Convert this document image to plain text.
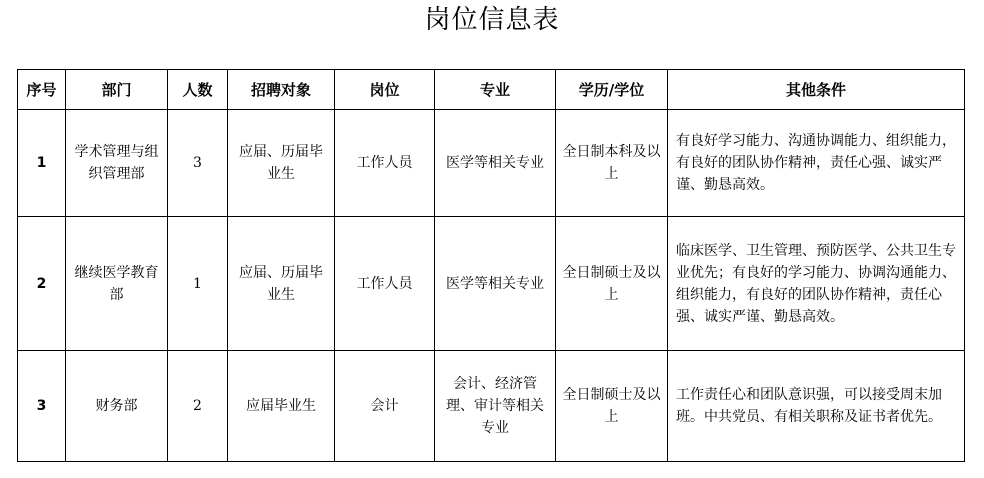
岗位信息表
序号	部门	人数	招聘对象	岗位	专业	学历/学位	其他条件
1	学术管理与组织管理部	3	应届、历届毕业生	工作人员	医学等相关专业	全日制本科及以上	有良好学习能力、沟通协调能力、组织能力，有良好的团队协作精神，责任心强、诚实严谨、勤恳高效。
2	继续医学教育部	1	应届、历届毕业生	工作人员	医学等相关专业	全日制硕士及以上	临床医学、卫生管理、预防医学、公共卫生专业优先；有良好的学习能力、协调沟通能力、组织能力，有良好的团队协作精神，责任心强、诚实严谨、勤恳高效。
3	财务部	2	应届毕业生	会计	会计、经济管理、审计等相关专业	全日制硕士及以上	工作责任心和团队意识强，可以接受周末加班。中共党员、有相关职称及证书者优先。
